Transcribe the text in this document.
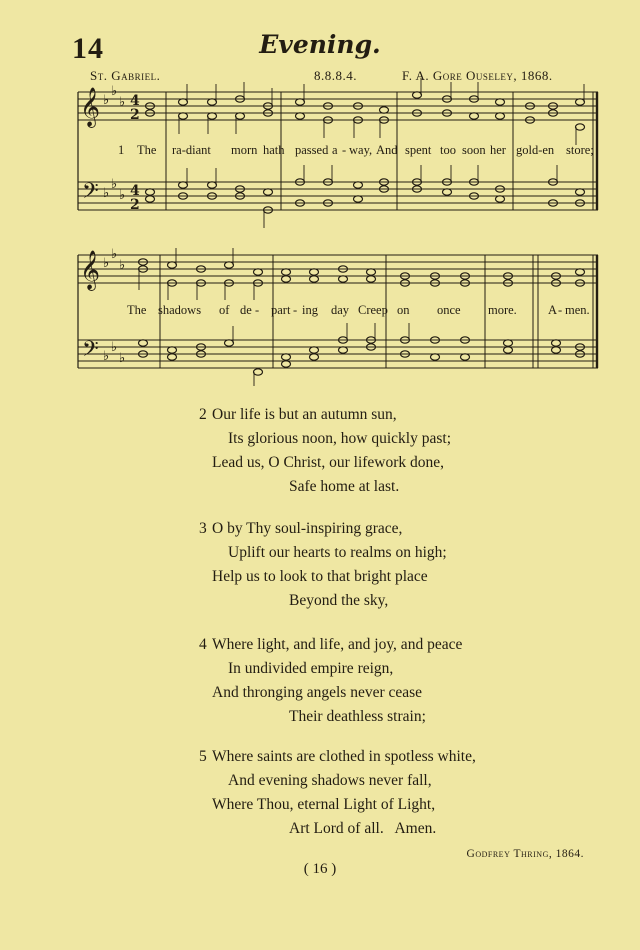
14	Evening.
St. Gabriel.	8.8.8.4.	F. A. Gore Ouseley, 1868.
𝄞
𝄢
𝄞
𝄢
♭
♭
♭
♭
♭
♭
♭
♭
♭
♭
♭
♭
4
2
4
2
1 The ra-diant morn hath passed a - way, And spent too soon her gold-en store;
The shadows of de - part - ing day Creep on once more. A - men.
2 Our life is but an autumn sun,
Its glorious noon, how quickly past;
Lead us, O Christ, our lifework done,
Safe home at last.
3 O by Thy soul-inspiring grace,
Uplift our hearts to realms on high;
Help us to look to that bright place
Beyond the sky,
4 Where light, and life, and joy, and peace
In undivided empire reign,
And thronging angels never cease
Their deathless strain;
5 Where saints are clothed in spotless white,
And evening shadows never fall,
Where Thou, eternal Light of Light,
Art Lord of all.   Amen.
Godfrey Thring, 1864.
( 16 )
